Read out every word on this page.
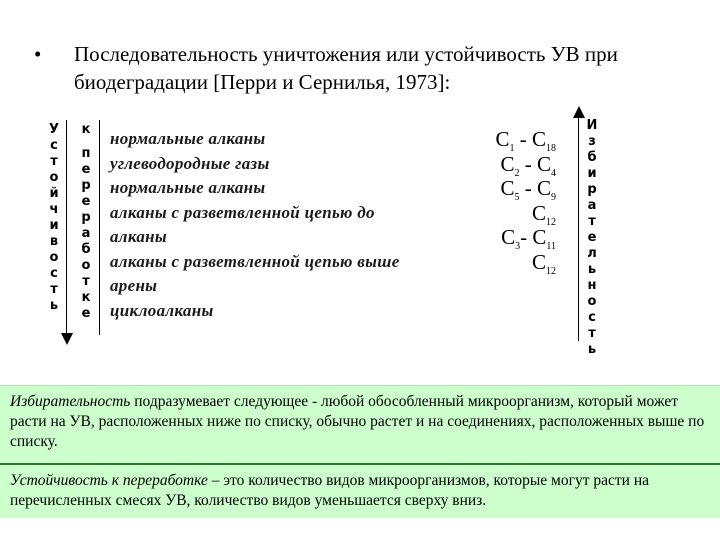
• Последовательность уничтожения или устойчивость УВ при биодеградации [Перри и Сернилья, 1973]:
У
с
т
о
й
ч
и
в
о
с
т
ь
к
п
е
р
е
р
а
б
о
т
к
е
И
з
б
и
р
а
т
е
л
ь
н
о
с
т
ь
нормальные алканы	$С_1 - С_{18}$
углеводородные газы	$С_2 - С_4$
нормальные алканы	$С_5 - С_9$
алканы с разветвленной цепью до	$С_{12}$
алканы	$С_3-$ $С_{11}$
алканы с разветвленной цепью выше	$С_{12}$
арены
циклоалканы
Избирательность подразумевает следующее - любой обособленный микроорганизм, который может расти на УВ, расположенных ниже по списку, обычно растет и на соединениях, расположенных выше по списку.
Устойчивость к переработке – это количество видов микроорганизмов, которые могут расти на перечисленных смесях УВ, количество видов уменьшается сверху вниз.
